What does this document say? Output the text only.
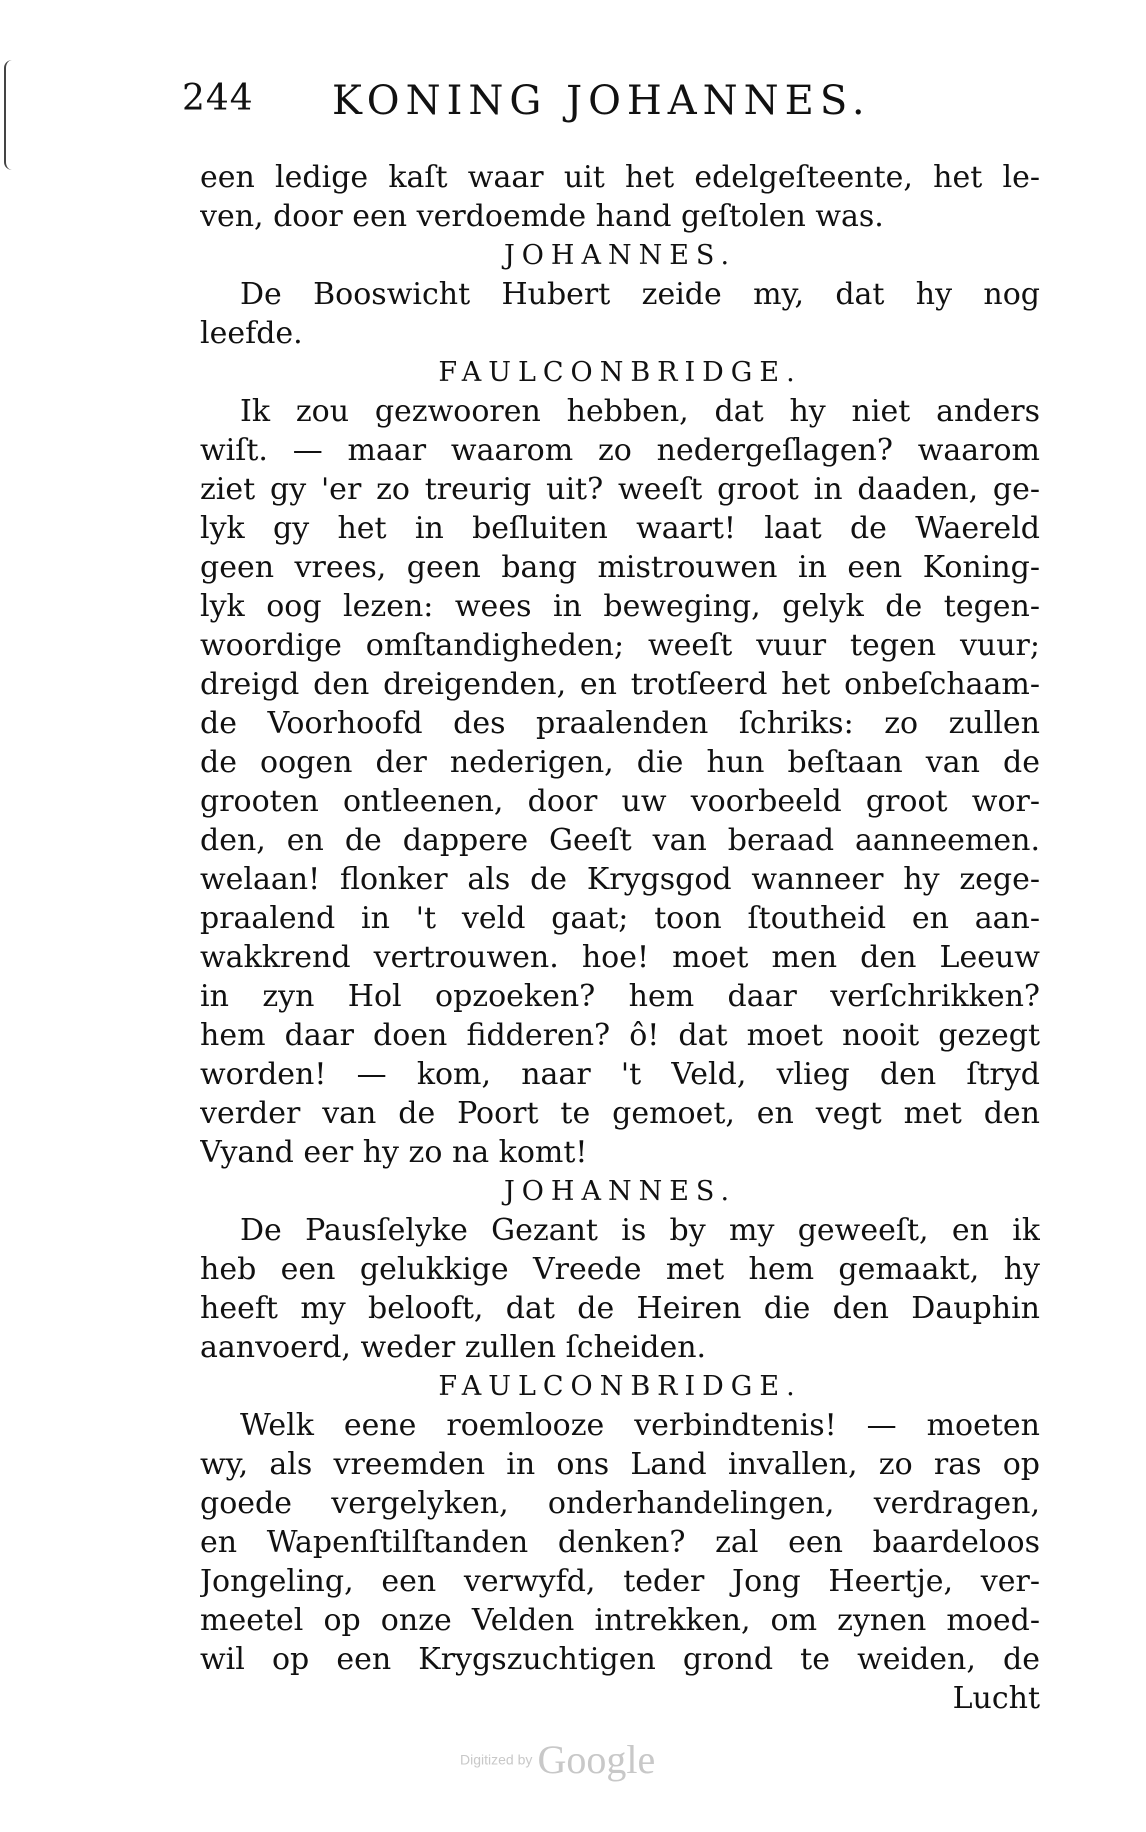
244 KONING JOHANNES.
een ledige kaſt waar uit het edelgeſteente, het le-
ven, door een verdoemde hand geſtolen was.
JOHANNES.
De Booswicht Hubert zeide my, dat hy nog
leefde.
FAULCONBRIDGE.
Ik zou gezwooren hebben, dat hy niet anders
wiſt. — maar waarom zo nedergeſlagen? waarom
ziet gy 'er zo treurig uit? weeſt groot in daaden, ge-
lyk gy het in beſluiten waart! laat de Waereld
geen vrees, geen bang mistrouwen in een Koning-
lyk oog lezen: wees in beweging, gelyk de tegen-
woordige omſtandigheden; weeſt vuur tegen vuur;
dreigd den dreigenden, en trotſeerd het onbeſchaam-
de Voorhoofd des praalenden ſchriks: zo zullen
de oogen der nederigen, die hun beſtaan van de
grooten ontleenen, door uw voorbeeld groot wor-
den, en de dappere Geeſt van beraad aanneemen.
welaan! flonker als de Krygsgod wanneer hy zege-
praalend in 't veld gaat; toon ſtoutheid en aan-
wakkrend vertrouwen. hoe! moet men den Leeuw
in zyn Hol opzoeken? hem daar verſchrikken?
hem daar doen fidderen? ô! dat moet nooit gezegt
worden! — kom, naar 't Veld, vlieg den ſtryd
verder van de Poort te gemoet, en vegt met den
Vyand eer hy zo na komt!
JOHANNES.
De Pausſelyke Gezant is by my geweeſt, en ik
heb een gelukkige Vreede met hem gemaakt, hy
heeft my belooft, dat de Heiren die den Dauphin
aanvoerd, weder zullen ſcheiden.
FAULCONBRIDGE.
Welk eene roemlooze verbindtenis! — moeten
wy, als vreemden in ons Land invallen, zo ras op
goede vergelyken, onderhandelingen, verdragen,
en Wapenſtilſtanden denken? zal een baardeloos
Jongeling, een verwyfd, teder Jong Heertje, ver-
meetel op onze Velden intrekken, om zynen moed-
wil op een Krygszuchtigen grond te weiden, de
Lucht
Digitized by Google
